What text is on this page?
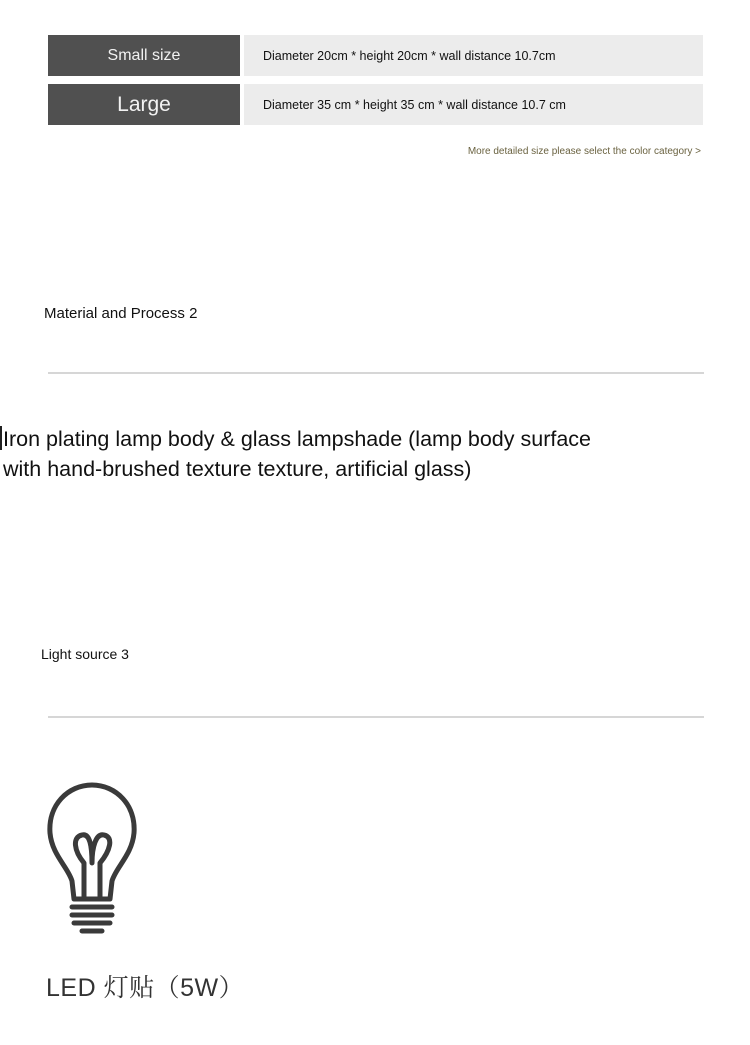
Small size	Diameter 20cm * height 20cm * wall distance 10.7cm
Large	Diameter 35 cm * height 35 cm * wall distance 10.7 cm
More detailed size please select the color category >
Material and Process 2
Iron plating lamp body & glass lampshade (lamp body surface with hand-brushed texture texture, artificial glass)
Light source 3
LED 灯贴（5W）
